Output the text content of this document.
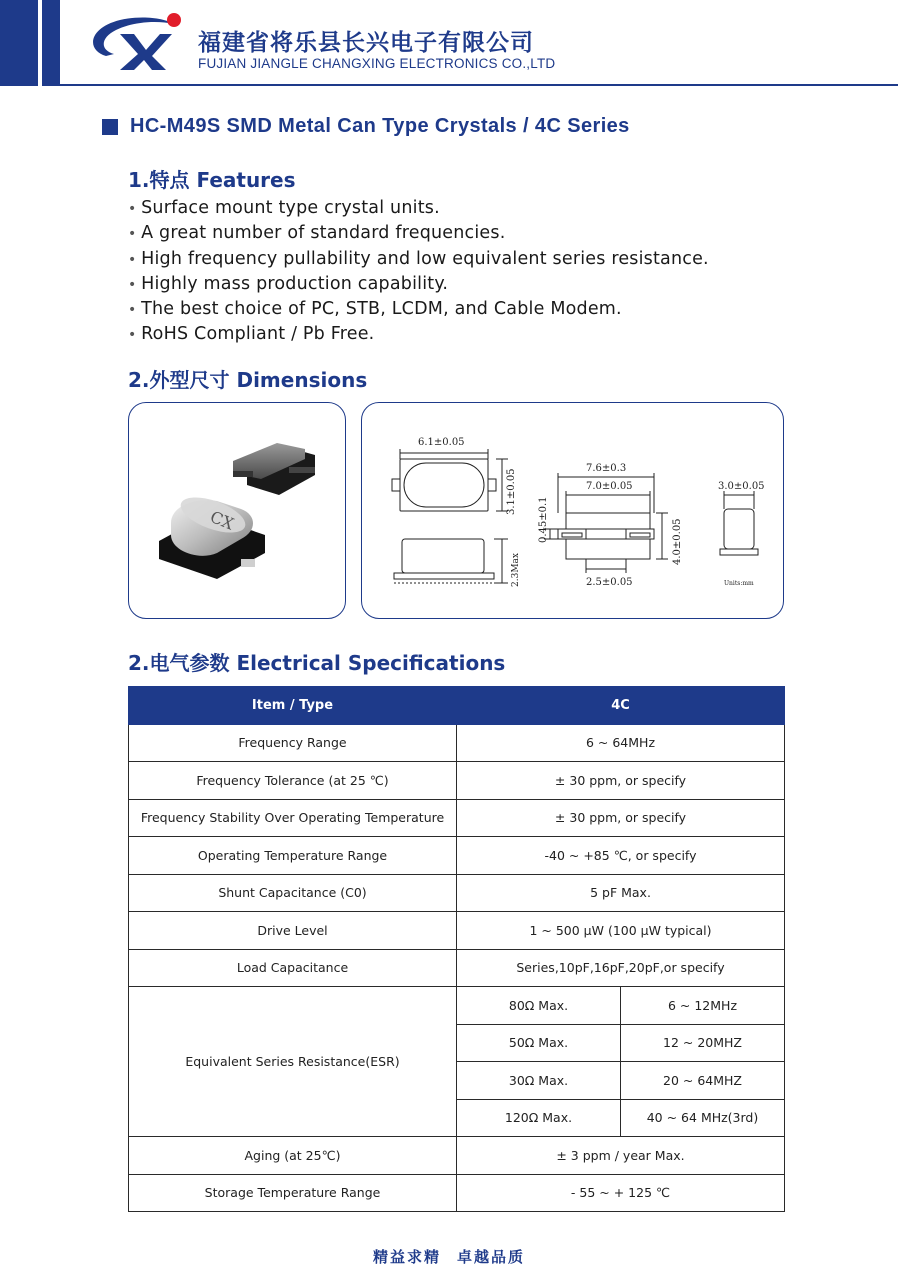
福建省将乐县长兴电子有限公司
FUJIAN JIANGLE CHANGXING ELECTRONICS CO.,LTD
HC-M49S SMD Metal Can Type Crystals / 4C Series
1.特点 Features
• Surface mount type crystal units.
• A great number of standard frequencies.
• High frequency pullability and low equivalent series resistance.
• Highly mass production capability.
• The best choice of PC, STB, LCDM, and Cable Modem.
• RoHS Compliant / Pb Free.
2.外型尺寸 Dimensions
CX
6.1±0.05
3.1±0.05
2.3Max
7.6±0.3
7.0±0.05
0.45±0.1	4.0±0.05
2.5±0.05
3.0±0.05
Units:mm
2.电气参数 Electrical Specifications
Item / Type	4C	
Frequency Range	6 ~ 64MHz	
Frequency Tolerance (at 25 ℃)	± 30 ppm, or specify	
Frequency Stability Over Operating Temperature	± 30 ppm, or specify	
Operating Temperature Range	-40 ~ +85 ℃, or specify	
Shunt Capacitance (C0)	5 pF Max.	
Drive Level	1 ~ 500 μW (100 μW typical)	
Load Capacitance	Series,10pF,16pF,20pF,or specify	
Equivalent Series Resistance(ESR)	80Ω Max.	6 ~ 12MHz
	50Ω Max.	12 ~ 20MHZ
	30Ω Max.	20 ~ 64MHZ
	120Ω Max.	40 ~ 64 MHz(3rd)
Aging (at 25℃)	± 3 ppm / year Max.	
Storage Temperature Range	- 55 ~ + 125 ℃	
精益求精 卓越品质
